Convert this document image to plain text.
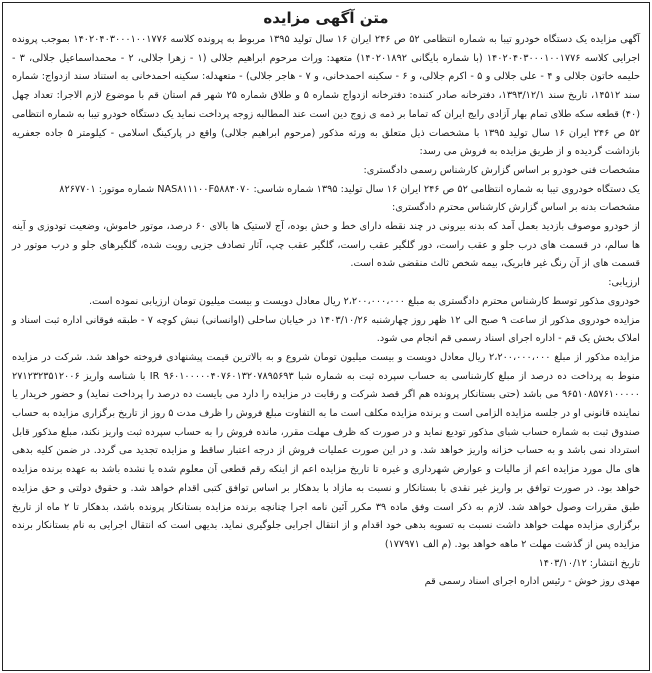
متن آگهی مزایده

آگهی مزایده یک دستگاه خودرو تیبا به شماره انتظامی ۵۲ ص ۲۴۶ ایران ۱۶ سال تولید ۱۳۹۵ مربوط به پرونده کلاسه ۱۴۰۲۰۴۰۳۰۰۰۱۰۰۱۷۷۶ بموجب پرونده اجرایی کلاسه ۱۴۰۲۰۴۰۳۰۰۰۱۰۰۱۷۷۶ (با شماره بایگانی ۱۴۰۲۰۱۸۹۲) متعهد: وراث مرحوم ابراهیم جلالی (۱ - زهرا جلالی، ۲ - محمداسماعیل جلالی، ۳ - حلیمه خاتون جلالی و ۴ - علی جلالی و ۵ - اکرم جلالی، و ۶ - سکینه احمدخانی، و ۷ - هاجر جلالی) - متعهدله: سکینه احمدخانی به استناد سند ازدواج: شماره سند ۱۴۵۱۲، تاریخ سند ۱۳۹۳/۱۲/۱، دفترخانه صادر کننده: دفترخانه ازدواج شماره ۵ و طلاق شماره ۲۵ شهر قم استان قم با موضوع لازم الاجرا: تعداد چهل (۴۰) قطعه سکه طلای تمام بهار آزادی رایج ایران که تماما بر ذمه ی زوج دین است عند المطالبه زوجه پرداخت نماید یک دستگاه خودرو تیبا به شماره انتظامی ۵۲ ص ۲۴۶ ایران ۱۶ سال تولید ۱۳۹۵ با مشخصات ذیل متعلق به ورثه مذکور (مرحوم ابراهیم جلالی) واقع در پارکینگ اسلامی - کیلومتر ۵ جاده جعفریه بازداشت گردیده و از طریق مزایده به فروش می رسد:

مشخصات فنی خودرو بر اساس گزارش کارشناس رسمی دادگستری:

یک دستگاه خودروی تیبا به شماره انتظامی ۵۲ ص ۲۴۶ ایران ۱۶ سال تولید: ۱۳۹۵ شماره شاسی: NAS۸۱۱۱۰۰F۵۸۸۴۰۷۰ شماره موتور: ۸۲۶۷۷۰۱

مشخصات بدنه بر اساس گزارش کارشناس محترم دادگستری:

از خودرو موصوف بازدید بعمل آمد که بدنه بیرونی در چند نقطه دارای خط و خش بوده، آج لاستیک ها بالای ۶۰ درصد، موتور خاموش، وضعیت تودوزی و آینه ها سالم، در قسمت های درب جلو و عقب راست، دور گلگیر عقب راست، گلگیر عقب چپ، آثار تصادف جزیی رویت شده، گلگیرهای جلو و درب موتور در قسمت های از آن رنگ غیر فابریک، بیمه شخص ثالث منقضی شده است.

ارزیابی:

خودروی مذکور توسط کارشناس محترم دادگستری به مبلغ ۲،۲۰۰،۰۰۰،۰۰۰ ریال معادل دویست و بیست میلیون تومان ارزیابی نموده است.

مزایده خودروی مذکور از ساعت ۹ صبح الی ۱۲ ظهر روز چهارشنبه ۱۴۰۳/۱۰/۲۶ در خیابان ساحلی (اوانسانی) نبش کوچه ۷ - طبقه فوقانی اداره ثبت اسناد و املاک بخش یک قم - اداره اجرای اسناد رسمی قم انجام می شود.

مزایده مذکور از مبلغ ۲،۲۰۰،۰۰۰،۰۰۰ ریال معادل دویست و بیست میلیون تومان شروع و به بالاترین قیمت پیشنهادی فروخته خواهد شد. شرکت در مزایده منوط به پرداخت ده درصد از مبلغ کارشناسی به حساب سپرده ثبت به شماره شبا IR ۹۶۰۱۰۰۰۰۰۴۰۷۶۰۱۳۲۰۷۸۹۵۶۹۳ با شناسه واریز ۲۷۱۲۳۲۳۵۱۲۰۰۶ ۹۶۵۱۰۸۵۷۶۱۰۰۰۰۰ می باشد (حتی بستانکار پرونده هم اگر قصد شرکت و رقابت در مزایده را دارد می بایست ده درصد را پرداخت نماید) و حضور خریدار یا نماینده قانونی او در جلسه مزایده الزامی است و برنده مزایده مکلف است ما به التفاوت مبلغ فروش را ظرف مدت ۵ روز از تاریخ برگزاری مزایده به حساب صندوق ثبت به شماره حساب شبای مذکور تودیع نماید و در صورت که ظرف مهلت مقرر، مانده فروش را به حساب سپرده ثبت واریز نکند، مبلغ مذکور قابل استرداد نمی باشد و به حساب خزانه واریز خواهد شد. و در این صورت عملیات فروش از درجه اعتبار ساقط و مزایده تجدید می گردد. در ضمن کلیه بدهی های مال مورد مزایده اعم از مالیات و عوارض شهرداری و غیره تا تاریخ مزایده اعم از اینکه رقم قطعی آن معلوم شده یا نشده باشد به عهده برنده مزایده خواهد بود. در صورت توافق بر واریز غیر نقدی با بستانکار و نسبت به مازاد با بدهکار بر اساس توافق کتبی اقدام خواهد شد. و حقوق دولتی و حق مزایده طبق مقررات وصول خواهد شد. لازم به ذکر است وفق ماده ۳۹ مکرر آئین نامه اجرا چنانچه برنده مزایده بستانکار پرونده باشد، بدهکار تا ۲ ماه از تاریخ برگزاری مزایده مهلت خواهد داشت نسبت به تسویه بدهی خود اقدام و از انتقال اجرایی جلوگیری نماید. بدیهی است که انتقال اجرایی به نام بستانکار برنده مزایده پس از گذشت مهلت ۲ ماهه خواهد بود. (م الف ۱۷۷۹۷۱)

تاریخ انتشار: ۱۴۰۳/۱۰/۱۲

مهدی روز خوش - رئیس اداره اجرای اسناد رسمی قم
